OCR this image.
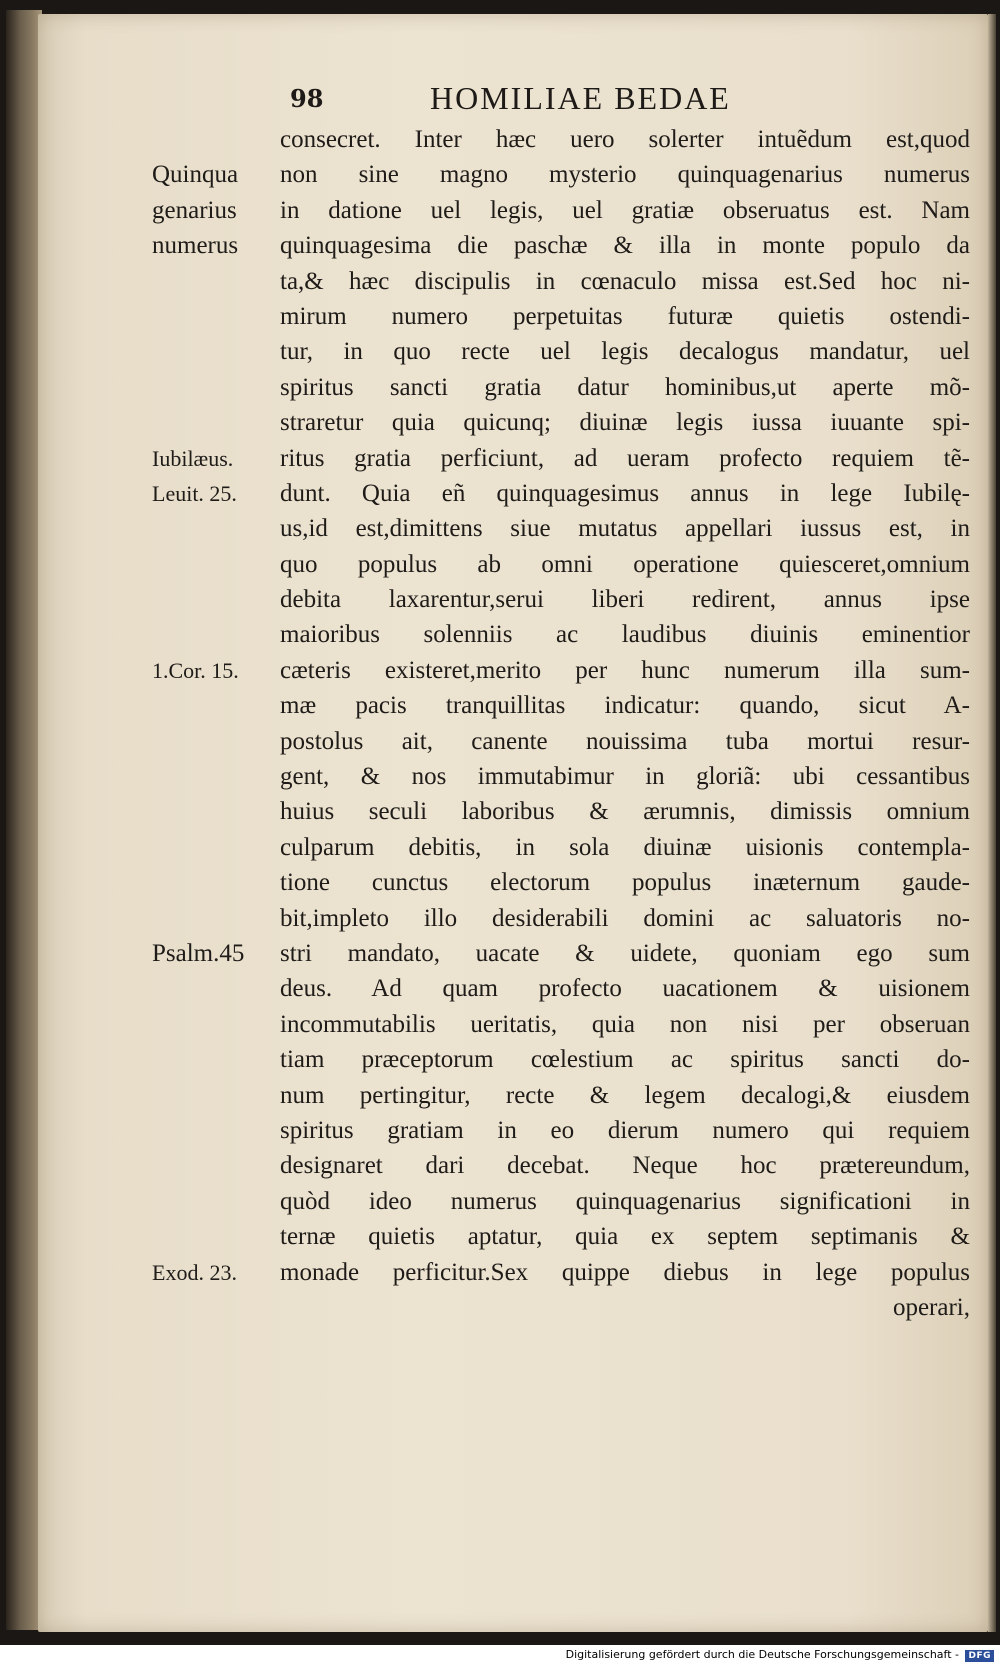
98	HOMILIAE BEDAE
consecret. Inter hæc uero solerter intuẽdum est,quod
non sine magno mysterio quinquagenarius numerus
in datione uel legis, uel gratiæ obseruatus est. Nam
quinquagesima die paschæ & illa in monte populo da
ta,& hæc discipulis in cœnaculo missa est.Sed hoc ni-
mirum numero perpetuitas futuræ quietis ostendi-
tur, in quo recte uel legis decalogus mandatur, uel
spiritus sancti gratia datur hominibus,ut aperte mõ-
straretur quia quicunq; diuinæ legis iussa iuuante spi-
ritus gratia perficiunt, ad ueram profecto requiem tẽ-
dunt. Quia eñ quinquagesimus annus in lege Iubilę-
us,id est,dimittens siue mutatus appellari iussus est, in
quo populus ab omni operatione quiesceret,omnium
debita laxarentur,serui liberi redirent, annus ipse
maioribus solenniis ac laudibus diuinis eminentior
cæteris existeret,merito per hunc numerum illa sum-
mæ pacis tranquillitas indicatur: quando, sicut A-
postolus ait, canente nouissima tuba mortui resur-
gent, & nos immutabimur in gloriã: ubi cessantibus
huius seculi laboribus & ærumnis, dimissis omnium
culparum debitis, in sola diuinæ uisionis contempla-
tione cunctus electorum populus inæternum gaude-
bit,impleto illo desiderabili domini ac saluatoris no-
stri mandato, uacate & uidete, quoniam ego sum
deus. Ad quam profecto uacationem & uisionem
incommutabilis ueritatis, quia non nisi per obseruan
tiam præceptorum cœlestium ac spiritus sancti do-
num pertingitur, recte & legem decalogi,& eiusdem
spiritus gratiam in eo dierum numero qui requiem
designaret dari decebat. Neque hoc prætereundum,
quòd ideo numerus quinquagenarius significationi in
ternæ quietis aptatur, quia ex septem septimanis &
monade perficitur.Sex quippe diebus in lege populus
operari,
Quinqua
genarius
numerus
Iubilæus.
Leuit. 25.
1.Cor. 15.
Psalm.45
Exod. 23.
Digitalisierung gefördert durch die Deutsche Forschungsgemeinschaft - DFG
